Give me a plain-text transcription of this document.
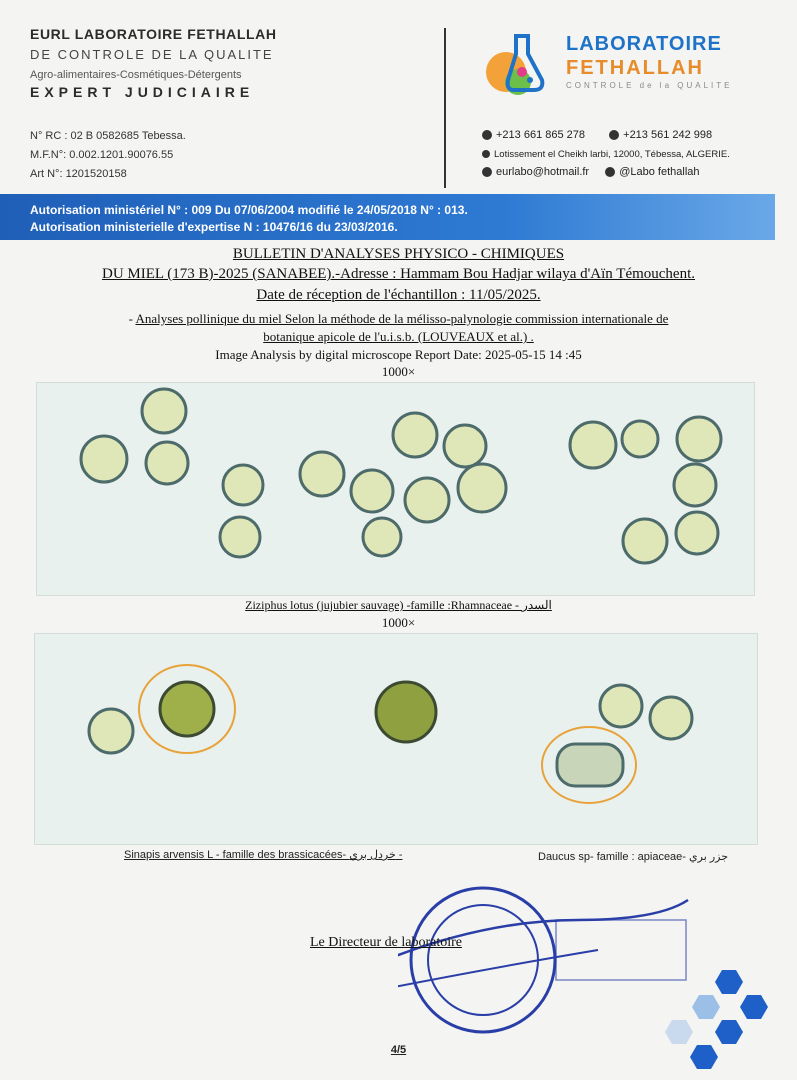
EURL LABORATOIRE FETHALLAH
DE CONTROLE DE LA QUALITE
Agro-alimentaires-Cosmétiques-Détergents
EXPERT JUDICIAIRE
N° RC : 02 B 0582685 Tebessa.
M.F.N°: 0.002.1201.90076.55
Art N°: 1201520158
LABORATOIRE
FETHALLAH
CONTROLE de la QUALITE
+213 661 865 278	+213 561 242 998
Lotissement el Cheikh larbi, 12000, Tébessa, ALGERIE.
eurlabo@hotmail.fr	@Labo fethallah
Autorisation ministériel N° : 009 Du 07/06/2004 modifié le 24/05/2018 N° : 013.
Autorisation ministerielle d'expertise N : 10476/16 du 23/03/2016.
BULLETIN D'ANALYSES PHYSICO - CHIMIQUES
DU MIEL (173 B)-2025 (SANABEE).-Adresse : Hammam Bou Hadjar wilaya d'Aïn Témouchent.
Date de réception de l'échantillon : 11/05/2025.
- Analyses pollinique du miel Selon la méthode de la mélisso-palynologie commission internationale de
botanique apicole de l'u.i.s.b. (LOUVEAUX et al.) .
Image Analysis by digital microscope Report Date: 2025-05-15 14 :45
1000×
Ziziphus lotus (jujubier sauvage) -famille :Rhamnaceae - السدر
1000×
Sinapis arvensis L - famille des brassicacées- خردل بري -	Daucus sp- famille : apiaceae- جزر بري
Le Directeur de laboratoire
4/5
